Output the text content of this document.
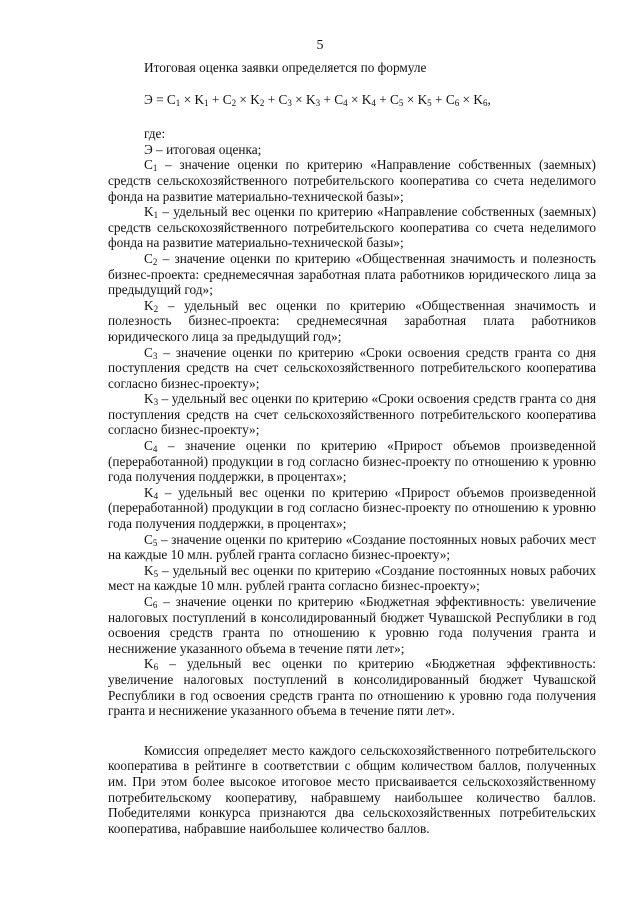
5

Итоговая оценка заявки определяется по формуле

$Э = С_1 \times K_1 + С_2 \times K_2 + С_3 \times K_3 + С_4 \times K_4 + С_5 \times K_5 + С_6 \times K_6$,

где:

Э – итоговая оценка;

$С_1$ – значение оценки по критерию «Направление собственных (заемных) средств сельскохозяйственного потребительского кооператива со счета неделимого фонда на развитие материально-технической базы»;

$K_1$ – удельный вес оценки по критерию «Направление собственных (заемных) средств сельскохозяйственного потребительского кооператива со счета неделимого фонда на развитие материально-технической базы»;

$С_2$ – значение оценки по критерию «Общественная значимость и полезность бизнес-проекта: среднемесячная заработная плата работников юридического лица за предыдущий год»;

$K_2$ – удельный вес оценки по критерию «Общественная значимость и полезность бизнес-проекта: среднемесячная заработная плата работников юридического лица за предыдущий год»;

$С_3$ – значение оценки по критерию «Сроки освоения средств гранта со дня поступления средств на счет сельскохозяйственного потребительского кооператива согласно бизнес-проекту»;

$K_3$ – удельный вес оценки по критерию «Сроки освоения средств гранта со дня поступления средств на счет сельскохозяйственного потребительского кооператива согласно бизнес-проекту»;

$С_4$ – значение оценки по критерию «Прирост объемов произведенной (переработанной) продукции в год согласно бизнес-проекту по отношению к уровню года получения поддержки, в процентах»;

$K_4$ – удельный вес оценки по критерию «Прирост объемов произведенной (переработанной) продукции в год согласно бизнес-проекту по отношению к уровню года получения поддержки, в процентах»;

$С_5$ – значение оценки по критерию «Создание постоянных новых рабочих мест на каждые 10 млн. рублей гранта согласно бизнес-проекту»;

$K_5$ – удельный вес оценки по критерию «Создание постоянных новых рабочих мест на каждые 10 млн. рублей гранта согласно бизнес-проекту»;

$С_6$ – значение оценки по критерию «Бюджетная эффективность: увеличение налоговых поступлений в консолидированный бюджет Чувашской Республики в год освоения средств гранта по отношению к уровню года получения гранта и неснижение указанного объема в течение пяти лет»;

$K_6$ – удельный вес оценки по критерию «Бюджетная эффективность: увеличение налоговых поступлений в консолидированный бюджет Чувашской Республики в год освоения средств гранта по отношению к уровню года получения гранта и неснижение указанного объема в течение пяти лет».

Комиссия определяет место каждого сельскохозяйственного потребительского кооператива в рейтинге в соответствии с общим количеством баллов, полученных им. При этом более высокое итоговое место присваивается сельскохозяйственному потребительскому кооперативу, набравшему наибольшее количество баллов. Победителями конкурса признаются два сельскохозяйственных потребительских кооператива, набравшие наибольшее количество баллов.
